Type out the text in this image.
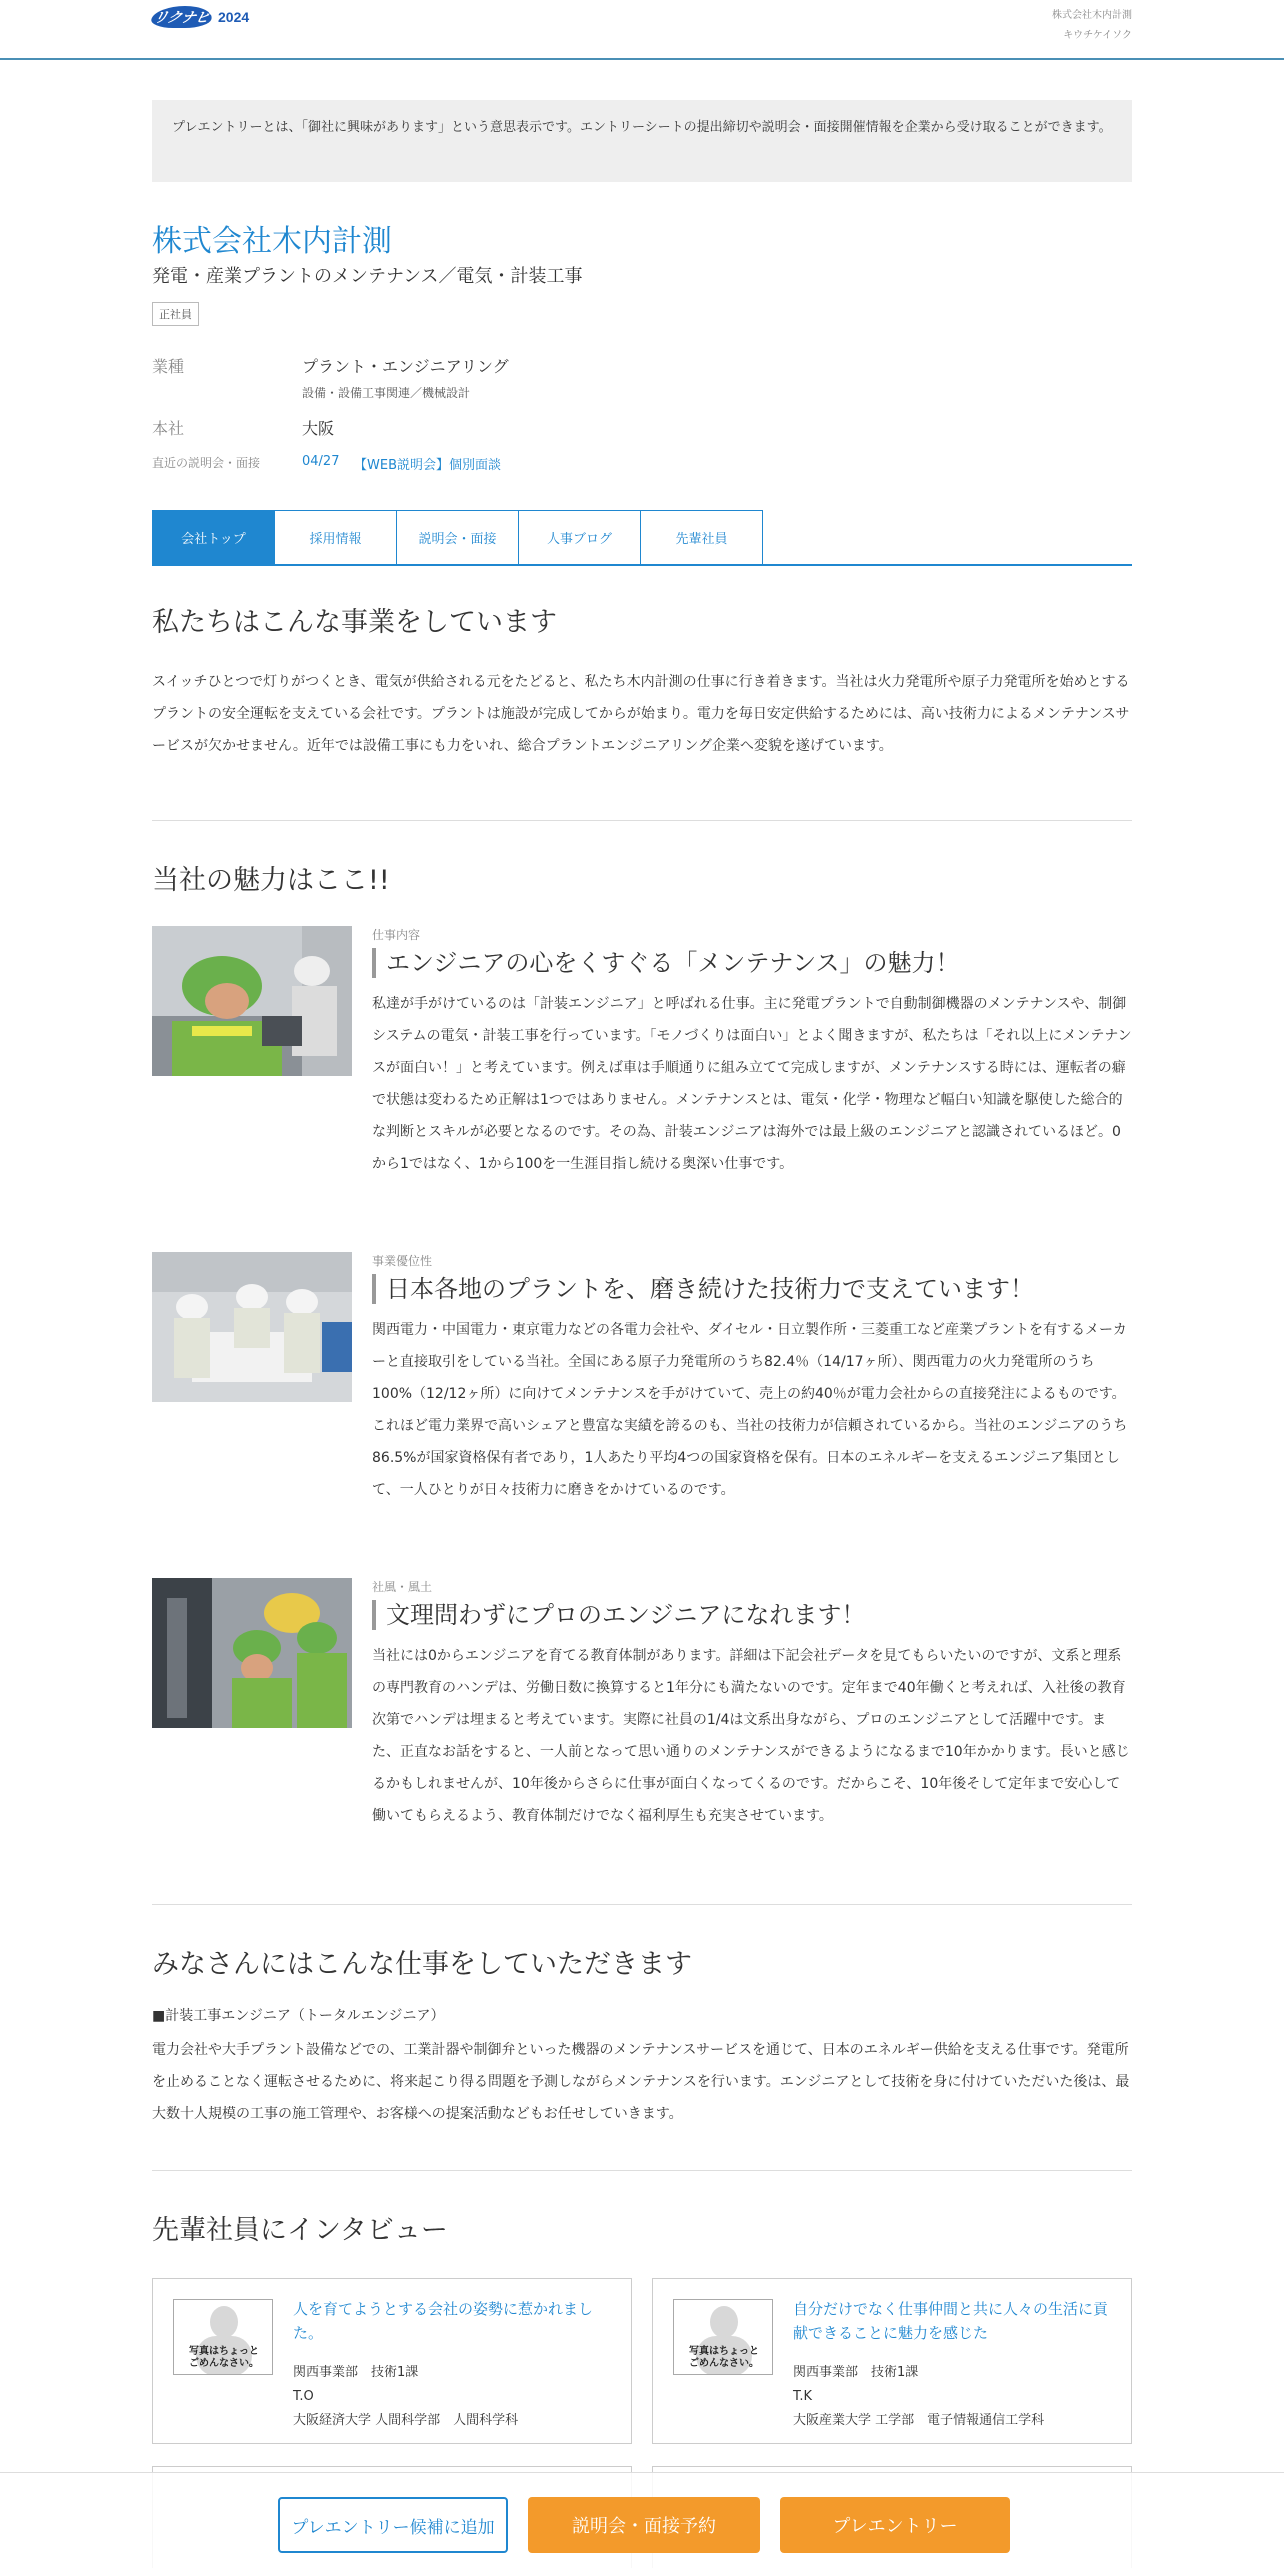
リクナビ 2024	株式会社木内計測
キウチケイソク
プレエントリーとは、「御社に興味があります」という意思表示です。エントリーシートの提出締切や説明会・面接開催情報を企業から受け取ることができます。
株式会社木内計測
発電・産業プラントのメンテナンス／電気・計装工事
正社員
業種	プラント・エンジニアリング
設備・設備工事関連／機械設計
本社	大阪
直近の説明会・面接	04/27 【WEB説明会】個別面談
会社トップ	採用情報	説明会・面接	人事ブログ	先輩社員
私たちはこんな事業をしています
スイッチひとつで灯りがつくとき、電気が供給される元をたどると、私たち木内計測の仕事に行き着きます。当社は火力発電所や原子力発電所を始めとするプラントの安全運転を支えている会社です。プラントは施設が完成してからが始まり。電力を毎日安定供給するためには、高い技術力によるメンテナンスサービスが欠かせません。近年では設備工事にも力をいれ、総合プラントエンジニアリング企業へ変貌を遂げています。
当社の魅力はここ!!
仕事内容
エンジニアの心をくすぐる「メンテナンス」の魅力！
私達が手がけているのは「計装エンジニア」と呼ばれる仕事。主に発電プラントで自動制御機器のメンテナンスや、制御システムの電気・計装工事を行っています。「モノづくりは面白い」とよく聞きますが、私たちは「それ以上にメンテナンスが面白い！」と考えています。例えば車は手順通りに組み立てて完成しますが、メンテナンスする時には、運転者の癖で状態は変わるため正解は1つではありません。メンテナンスとは、電気・化学・物理など幅白い知識を駆使した総合的な判断とスキルが必要となるのです。その為、計装エンジニアは海外では最上級のエンジニアと認識されているほど。0から1ではなく、1から100を一生涯目指し続ける奥深い仕事です。
事業優位性
日本各地のプラントを、磨き続けた技術力で支えています！
関西電力・中国電力・東京電力などの各電力会社や、ダイセル・日立製作所・三菱重工など産業プラントを有するメーカーと直接取引をしている当社。全国にある原子力発電所のうち82.4％（14/17ヶ所）、関西電力の火力発電所のうち100%（12/12ヶ所）に向けてメンテナンスを手がけていて、売上の約40％が電力会社からの直接発注によるものです。これほど電力業界で高いシェアと豊富な実績を誇るのも、当社の技術力が信頼されているから。当社のエンジニアのうち86.5%が国家資格保有者であり，1人あたり平均4つの国家資格を保有。日本のエネルギーを支えるエンジニア集団として、一人ひとりが日々技術力に磨きをかけているのです。
社風・風土
文理問わずにプロのエンジニアになれます！
当社には0からエンジニアを育てる教育体制があります。詳細は下記会社データを見てもらいたいのですが、文系と理系の専門教育のハンデは、労働日数に換算すると1年分にも満たないのです。定年まで40年働くと考えれば、入社後の教育次第でハンデは埋まると考えています。実際に社員の1/4は文系出身ながら、プロのエンジニアとして活躍中です。また、正直なお話をすると、一人前となって思い通りのメンテナンスができるようになるまで10年かかります。長いと感じるかもしれませんが、10年後からさらに仕事が面白くなってくるのです。だからこそ、10年後そして定年まで安心して働いてもらえるよう、教育体制だけでなく福利厚生も充実させています。
みなさんにはこんな仕事をしていただきます
■計装工事エンジニア（トータルエンジニア）
電力会社や大手プラント設備などでの、工業計器や制御弁といった機器のメンテナンスサービスを通じて、日本のエネルギー供給を支える仕事です。発電所を止めることなく運転させるために、将来起こり得る問題を予測しながらメンテナンスを行います。エンジニアとして技術を身に付けていただいた後は、最大数十人規模の工事の施工管理や、お客様への提案活動などもお任せしていきます。
先輩社員にインタビュー
写真はちょっと
ごめんなさい。
人を育てようとする会社の姿勢に惹かれました。
関西事業部　技術1課
T.O
大阪経済大学 人間科学部　人間科学科
写真はちょっと
ごめんなさい。
自分だけでなく仕事仲間と共に人々の生活に貢献できることに魅力を感じた
関西事業部　技術1課
T.K
大阪産業大学 工学部　電子情報通信工学科
プレエントリー候補に追加	説明会・面接予約	プレエントリー
